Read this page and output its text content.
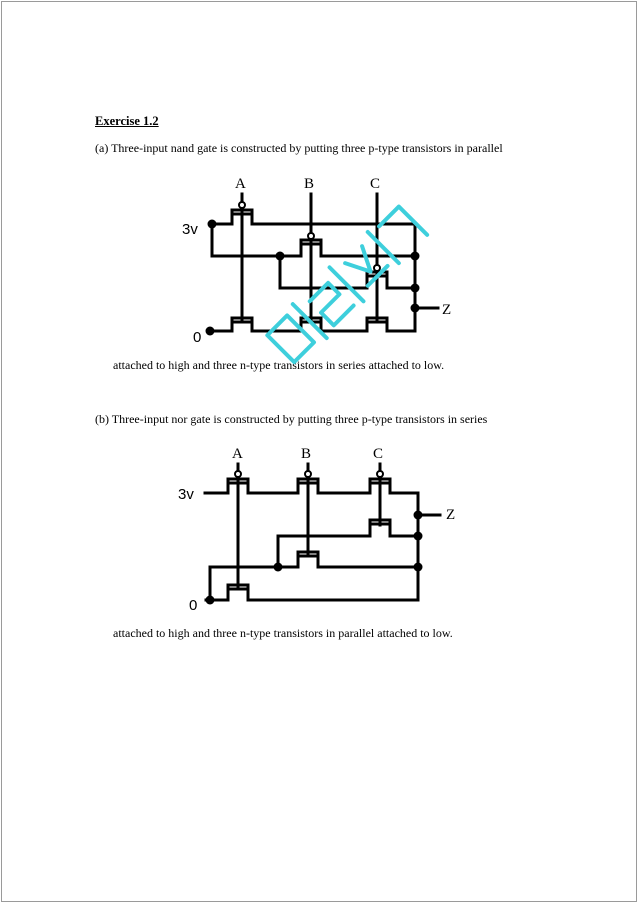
Exercise 1.2
(a) Three-input nand gate is constructed by putting three p-type transistors in parallel
attached to high and three n-type transistors in series attached to low.
(b) Three-input nor gate is constructed by putting three p-type transistors in series
attached to high and three n-type transistors in parallel attached to low.
A	B	C
3v
0
Z
A	B	C
3v
0
Z
